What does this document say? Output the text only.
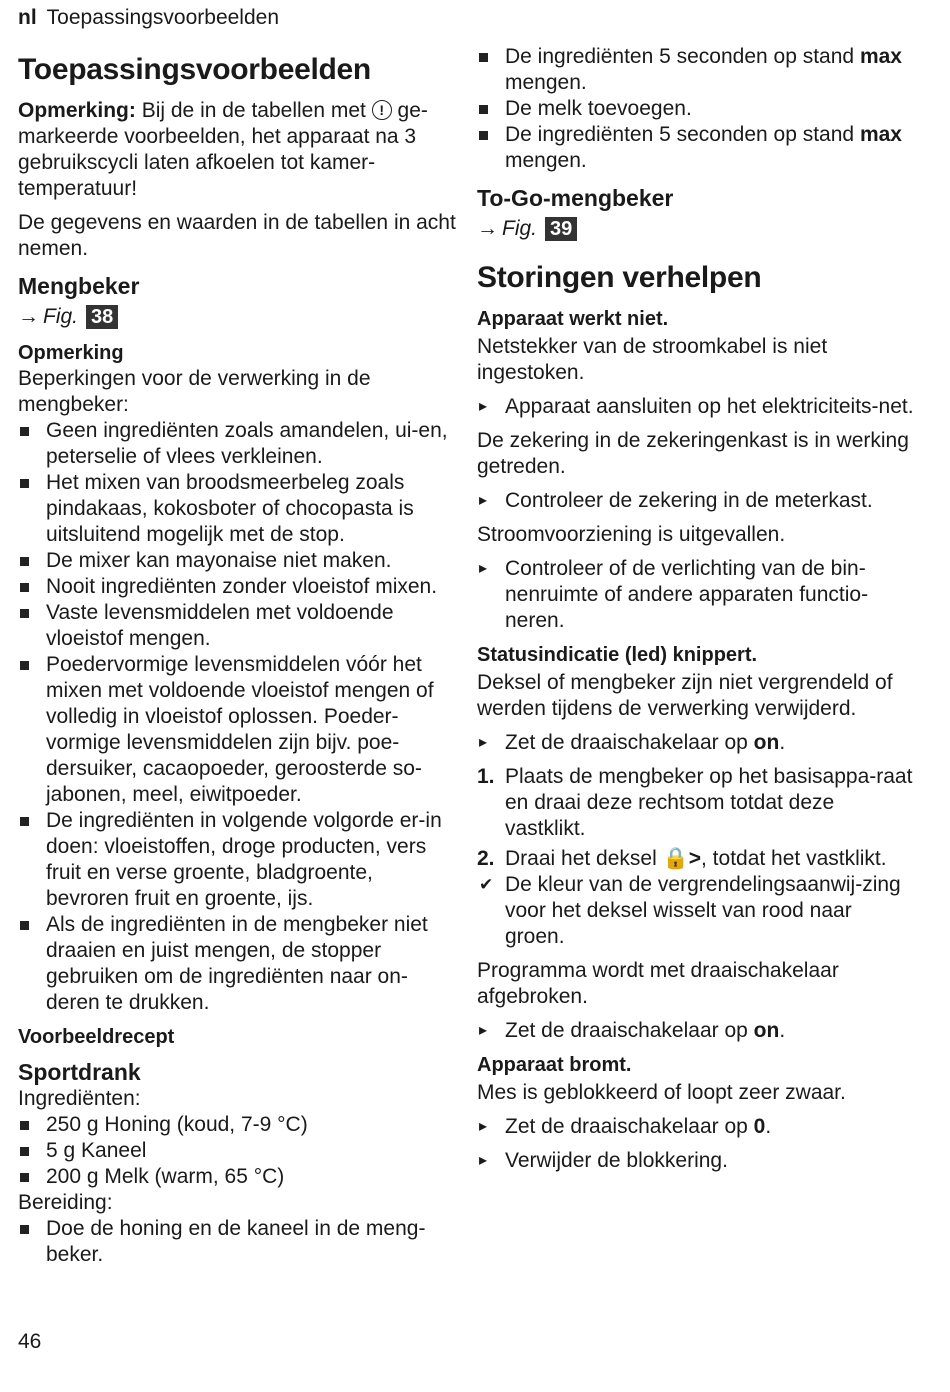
nl Toepassingsvoorbeelden
Toepassingsvoorbeelden

Opmerking: Bij de in de tabellen met ! ge-markeerde voorbeelden, het apparaat na 3 gebruikscycli laten afkoelen tot kamer-temperatuur!

De gegevens en waarden in de tabellen in acht nemen.

Mengbeker
→ Fig. 38
Opmerking

Beperkingen voor de verwerking in de mengbeker:

Geen ingrediënten zoals amandelen, ui-en, peterselie of vlees verkleinen.
Het mixen van broodsmeerbeleg zoals pindakaas, kokosboter of chocopasta is uitsluitend mogelijk met de stop.
De mixer kan mayonaise niet maken.
Nooit ingrediënten zonder vloeistof mixen.
Vaste levensmiddelen met voldoende vloeistof mengen.
Poedervormige levensmiddelen vóór het mixen met voldoende vloeistof mengen of volledig in vloeistof oplossen. Poeder-vormige levensmiddelen zijn bijv. poe-dersuiker, cacaopoeder, geroosterde so-jabonen, meel, eiwitpoeder.
De ingrediënten in volgende volgorde er-in doen: vloeistoffen, droge producten, vers fruit en verse groente, bladgroente, bevroren fruit en groente, ijs.
Als de ingrediënten in de mengbeker niet draaien en juist mengen, de stopper gebruiken om de ingrediënten naar on-deren te drukken.
Voorbeeldrecept
Sportdrank

Ingrediënten:

250 g Honing (koud, 7-9 °C)
5 g Kaneel
200 g Melk (warm, 65 °C)

Bereiding:

Doe de honing en de kaneel in de meng-beker.
De ingrediënten 5 seconden op stand max mengen.
De melk toevoegen.
De ingrediënten 5 seconden op stand max mengen.
To-Go-mengbeker
→ Fig. 39
Storingen verhelpen
Apparaat werkt niet.

Netstekker van de stroomkabel is niet ingestoken.

▸ Apparaat aansluiten op het elektriciteits-net.

De zekering in de zekeringenkast is in werking getreden.

▸ Controleer de zekering in de meterkast.

Stroomvoorziening is uitgevallen.

▸ Controleer of de verlichting van de bin-nenruimte of andere apparaten functio-neren.
Statusindicatie (led) knippert.

Deksel of mengbeker zijn niet vergrendeld of werden tijdens de verwerking verwijderd.

▸ Zet de draaischakelaar op on.
1. Plaats de mengbeker op het basisappa-raat en draai deze rechtsom totdat deze vastklikt.
2. Draai het deksel 🔒>, totdat het vastklikt.
✔ De kleur van de vergrendelingsaanwij-zing voor het deksel wisselt van rood naar groen.

Programma wordt met draaischakelaar afgebroken.

▸ Zet de draaischakelaar op on.
Apparaat bromt.

Mes is geblokkeerd of loopt zeer zwaar.

▸ Zet de draaischakelaar op 0.
▸ Verwijder de blokkering.
46
